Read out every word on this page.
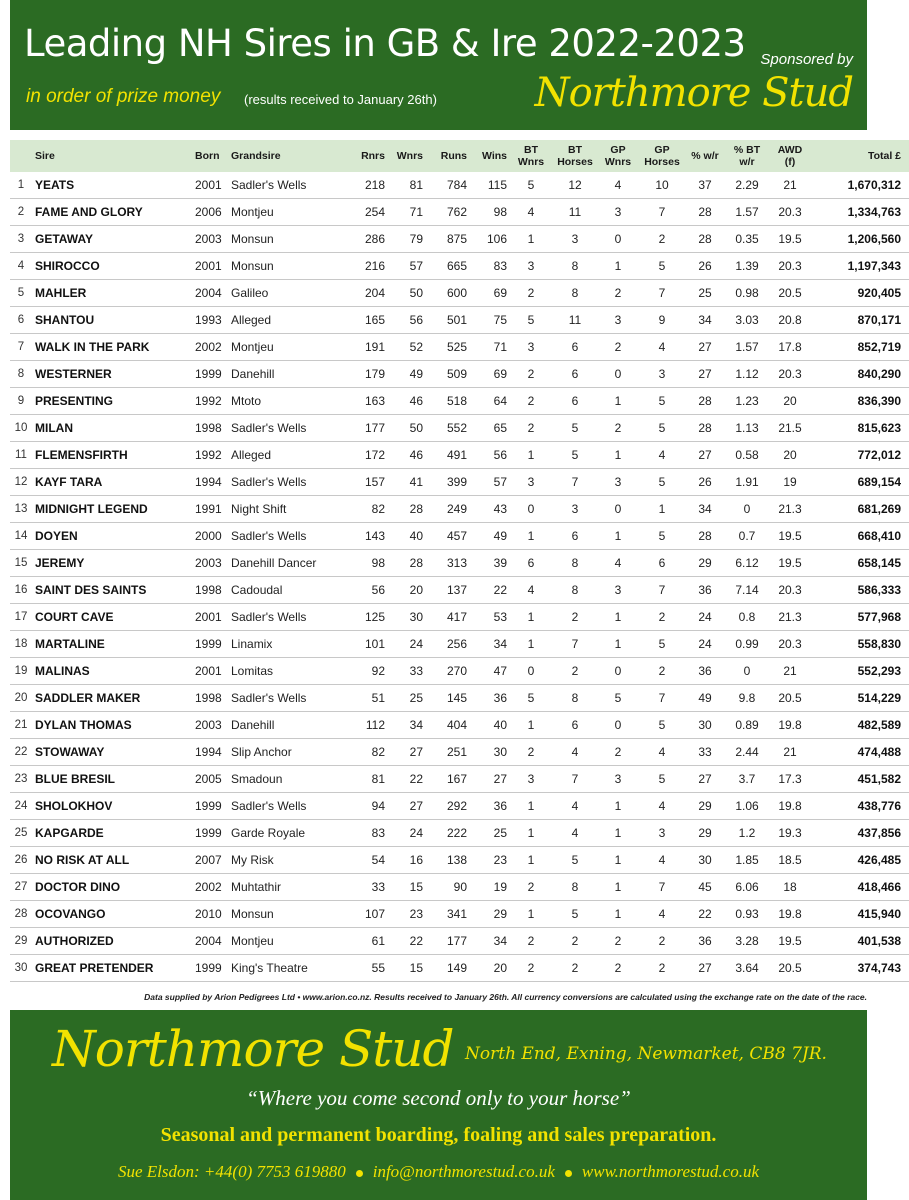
Leading NH Sires in GB & Ire 2022-2023
in order of prize money (results received to January 26th)
Sponsored by
Northmore Stud
	Sire	Born	Grandsire	Rnrs	Wnrs	Runs	Wins	BT Wnrs	BT Horses	GP Wnrs	GP Horses	% w/r	% BT w/r	AWD (f)	Total £
1	YEATS	2001	Sadler's Wells	218	81	784	115	5	12	4	10	37	2.29	21	1,670,312
2	FAME AND GLORY	2006	Montjeu	254	71	762	98	4	11	3	7	28	1.57	20.3	1,334,763
3	GETAWAY	2003	Monsun	286	79	875	106	1	3	0	2	28	0.35	19.5	1,206,560
4	SHIROCCO	2001	Monsun	216	57	665	83	3	8	1	5	26	1.39	20.3	1,197,343
5	MAHLER	2004	Galileo	204	50	600	69	2	8	2	7	25	0.98	20.5	920,405
6	SHANTOU	1993	Alleged	165	56	501	75	5	11	3	9	34	3.03	20.8	870,171
7	WALK IN THE PARK	2002	Montjeu	191	52	525	71	3	6	2	4	27	1.57	17.8	852,719
8	WESTERNER	1999	Danehill	179	49	509	69	2	6	0	3	27	1.12	20.3	840,290
9	PRESENTING	1992	Mtoto	163	46	518	64	2	6	1	5	28	1.23	20	836,390
10	MILAN	1998	Sadler's Wells	177	50	552	65	2	5	2	5	28	1.13	21.5	815,623
11	FLEMENSFIRTH	1992	Alleged	172	46	491	56	1	5	1	4	27	0.58	20	772,012
12	KAYF TARA	1994	Sadler's Wells	157	41	399	57	3	7	3	5	26	1.91	19	689,154
13	MIDNIGHT LEGEND	1991	Night Shift	82	28	249	43	0	3	0	1	34	0	21.3	681,269
14	DOYEN	2000	Sadler's Wells	143	40	457	49	1	6	1	5	28	0.7	19.5	668,410
15	JEREMY	2003	Danehill Dancer	98	28	313	39	6	8	4	6	29	6.12	19.5	658,145
16	SAINT DES SAINTS	1998	Cadoudal	56	20	137	22	4	8	3	7	36	7.14	20.3	586,333
17	COURT CAVE	2001	Sadler's Wells	125	30	417	53	1	2	1	2	24	0.8	21.3	577,968
18	MARTALINE	1999	Linamix	101	24	256	34	1	7	1	5	24	0.99	20.3	558,830
19	MALINAS	2001	Lomitas	92	33	270	47	0	2	0	2	36	0	21	552,293
20	SADDLER MAKER	1998	Sadler's Wells	51	25	145	36	5	8	5	7	49	9.8	20.5	514,229
21	DYLAN THOMAS	2003	Danehill	112	34	404	40	1	6	0	5	30	0.89	19.8	482,589
22	STOWAWAY	1994	Slip Anchor	82	27	251	30	2	4	2	4	33	2.44	21	474,488
23	BLUE BRESIL	2005	Smadoun	81	22	167	27	3	7	3	5	27	3.7	17.3	451,582
24	SHOLOKHOV	1999	Sadler's Wells	94	27	292	36	1	4	1	4	29	1.06	19.8	438,776
25	KAPGARDE	1999	Garde Royale	83	24	222	25	1	4	1	3	29	1.2	19.3	437,856
26	NO RISK AT ALL	2007	My Risk	54	16	138	23	1	5	1	4	30	1.85	18.5	426,485
27	DOCTOR DINO	2002	Muhtathir	33	15	90	19	2	8	1	7	45	6.06	18	418,466
28	OCOVANGO	2010	Monsun	107	23	341	29	1	5	1	4	22	0.93	19.8	415,940
29	AUTHORIZED	2004	Montjeu	61	22	177	34	2	2	2	2	36	3.28	19.5	401,538
30	GREAT PRETENDER	1999	King's Theatre	55	15	149	20	2	2	2	2	27	3.64	20.5	374,743
Data supplied by Arion Pedigrees Ltd • www.arion.co.nz. Results received to January 26th. All currency conversions are calculated using the exchange rate on the date of the race.
Northmore Stud North End, Exning, Newmarket, CB8 7JR.
“Where you come second only to your horse”
Seasonal and permanent boarding, foaling and sales preparation.
Sue Elsdon: +44(0) 7753 619880 info@northmorestud.co.uk www.northmorestud.co.uk
